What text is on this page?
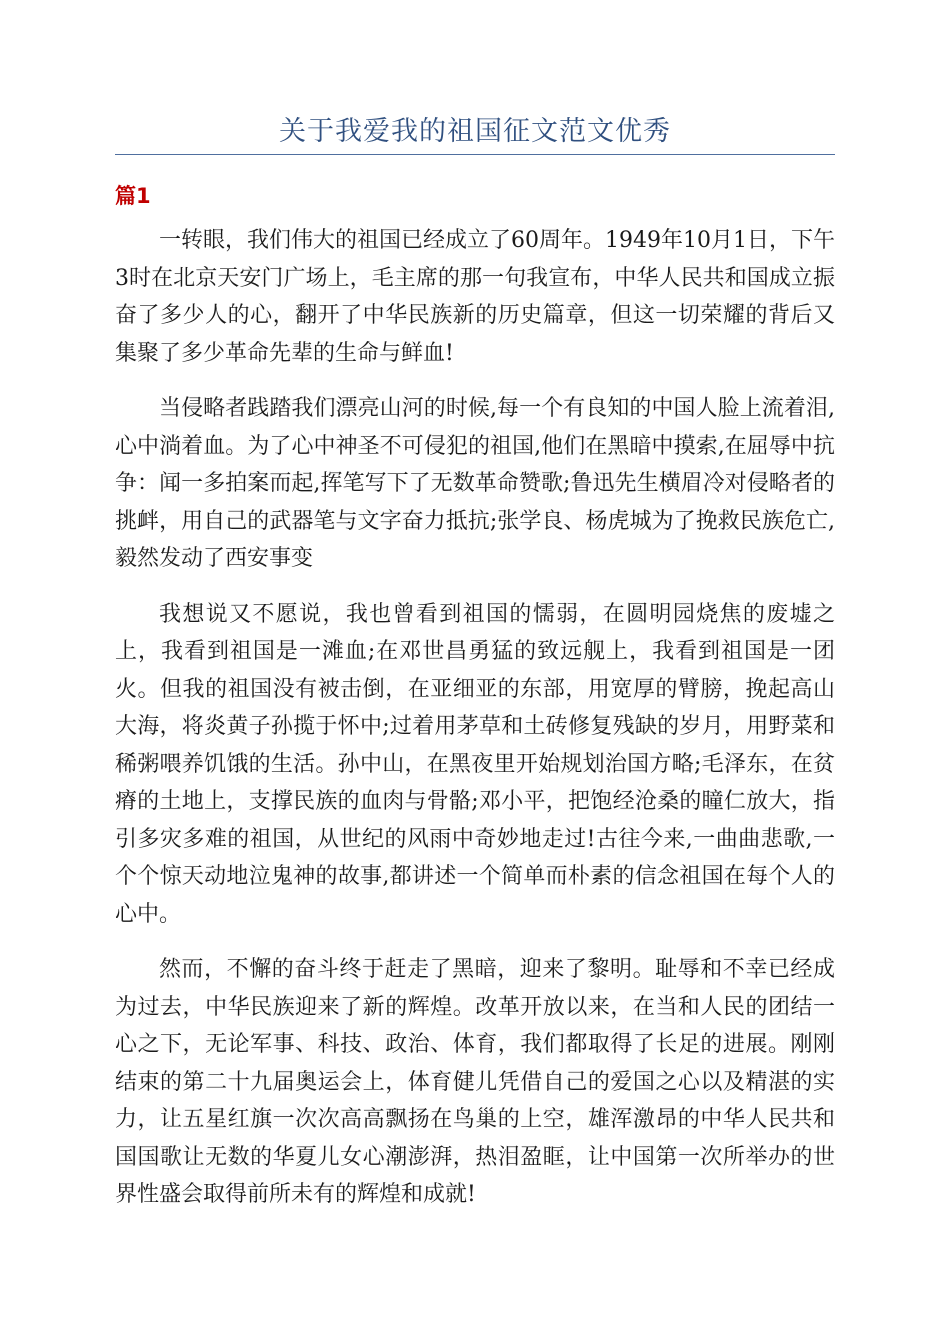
关于我爱我的祖国征文范文优秀
篇1

一转眼，我们伟大的祖国已经成立了60周年。1949年10月1日，下午3时在北京天安门广场上，毛主席的那一句我宣布，中华人民共和国成立振奋了多少人的心，翻开了中华民族新的历史篇章，但这一切荣耀的背后又集聚了多少革命先辈的生命与鲜血!

当侵略者践踏我们漂亮山河的时候,每一个有良知的中国人脸上流着泪,心中淌着血。为了心中神圣不可侵犯的祖国,他们在黑暗中摸索,在屈辱中抗争：闻一多拍案而起,挥笔写下了无数革命赞歌;鲁迅先生横眉冷对侵略者的挑衅，用自己的武器笔与文字奋力抵抗;张学良、杨虎城为了挽救民族危亡,毅然发动了西安事变

我想说又不愿说，我也曾看到祖国的懦弱，在圆明园烧焦的废墟之上，我看到祖国是一滩血;在邓世昌勇猛的致远舰上，我看到祖国是一团火。但我的祖国没有被击倒，在亚细亚的东部，用宽厚的臂膀，挽起高山大海，将炎黄子孙揽于怀中;过着用茅草和土砖修复残缺的岁月，用野菜和稀粥喂养饥饿的生活。孙中山，在黑夜里开始规划治国方略;毛泽东，在贫瘠的土地上，支撑民族的血肉与骨骼;邓小平，把饱经沧桑的瞳仁放大，指引多灾多难的祖国，从世纪的风雨中奇妙地走过!古往今来,一曲曲悲歌,一个个惊天动地泣鬼神的故事,都讲述一个简单而朴素的信念祖国在每个人的心中。

然而，不懈的奋斗终于赶走了黑暗，迎来了黎明。耻辱和不幸已经成为过去，中华民族迎来了新的辉煌。改革开放以来，在当和人民的团结一心之下，无论军事、科技、政治、体育，我们都取得了长足的进展。刚刚结束的第二十九届奥运会上，体育健儿凭借自己的爱国之心以及精湛的实力，让五星红旗一次次高高飘扬在鸟巢的上空，雄浑激昂的中华人民共和国国歌让无数的华夏儿女心潮澎湃，热泪盈眶，让中国第一次所举办的世界性盛会取得前所未有的辉煌和成就!
